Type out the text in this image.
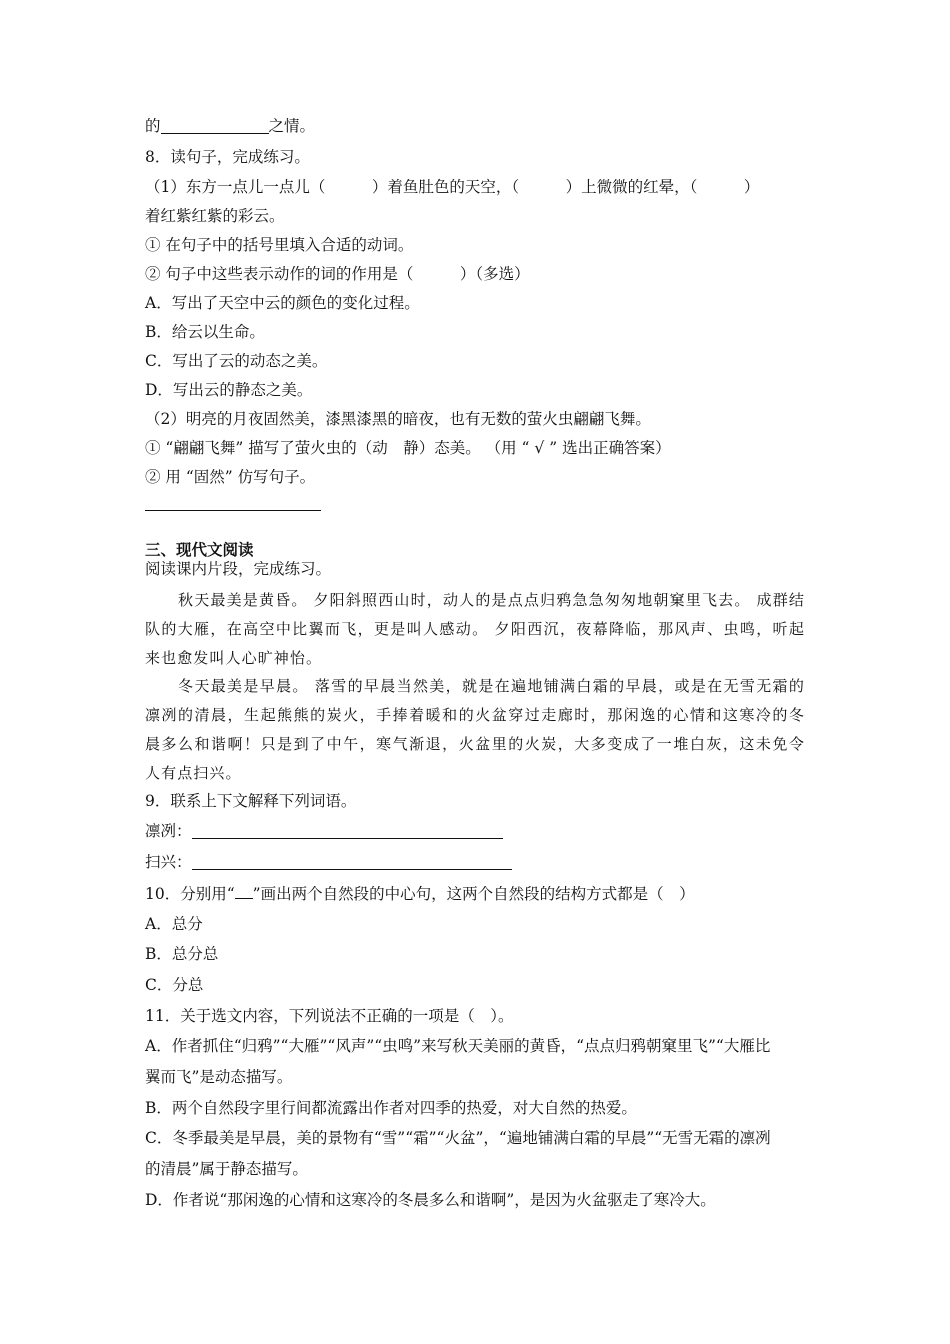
的	之情。
8．读句子，完成练习。
（1）东方一点儿一点儿（　　　）着鱼肚色的天空，（　　　）上微微的红晕，（　　　）
着红紫红紫的彩云。
① 在句子中的括号里填入合适的动词。
② 句子中这些表示动作的词的作用是（　　　）（多选）
A．写出了天空中云的颜色的变化过程。
B．给云以生命。
C．写出了云的动态之美。
D．写出云的静态之美。
（2）明亮的月夜固然美，漆黑漆黑的暗夜，也有无数的萤火虫翩翩飞舞。
① “翩翩飞舞” 描写了萤火虫的（动　静）态美。 （用 “ √ ” 选出正确答案）
② 用 “固然” 仿写句子。
三、现代文阅读
阅读课内片段，完成练习。
秋天最美是黄昏。 夕阳斜照西山时，动人的是点点归鸦急急匆匆地朝窠里飞去。 成群结队的大雁，在高空中比翼而飞，更是叫人感动。 夕阳西沉，夜幕降临，那风声、虫鸣，听起来也愈发叫人心旷神怡。
冬天最美是早晨。 落雪的早晨当然美，就是在遍地铺满白霜的早晨，或是在无雪无霜的凛冽的清晨，生起熊熊的炭火，手捧着暖和的火盆穿过走廊时，那闲逸的心情和这寒冷的冬晨多么和谐啊！只是到了中午，寒气渐退，火盆里的火炭，大多变成了一堆白灰，这未免令人有点扫兴。
9．联系上下文解释下列词语。
凛冽：
扫兴：
10．分别用“ ”画出两个自然段的中心句，这两个自然段的结构方式都是（　）
A．总分
B．总分总
C．分总
11．关于选文内容，下列说法不正确的一项是（　）。
A．作者抓住“归鸦”“大雁”“风声”“虫鸣”来写秋天美丽的黄昏，“点点归鸦朝窠里飞”“大雁比
翼而飞”是动态描写。
B．两个自然段字里行间都流露出作者对四季的热爱，对大自然的热爱。
C．冬季最美是早晨，美的景物有“雪”“霜”“火盆”，“遍地铺满白霜的早晨”“无雪无霜的凛冽
的清晨”属于静态描写。
D．作者说“那闲逸的心情和这寒冷的冬晨多么和谐啊”，是因为火盆驱走了寒冷大。
